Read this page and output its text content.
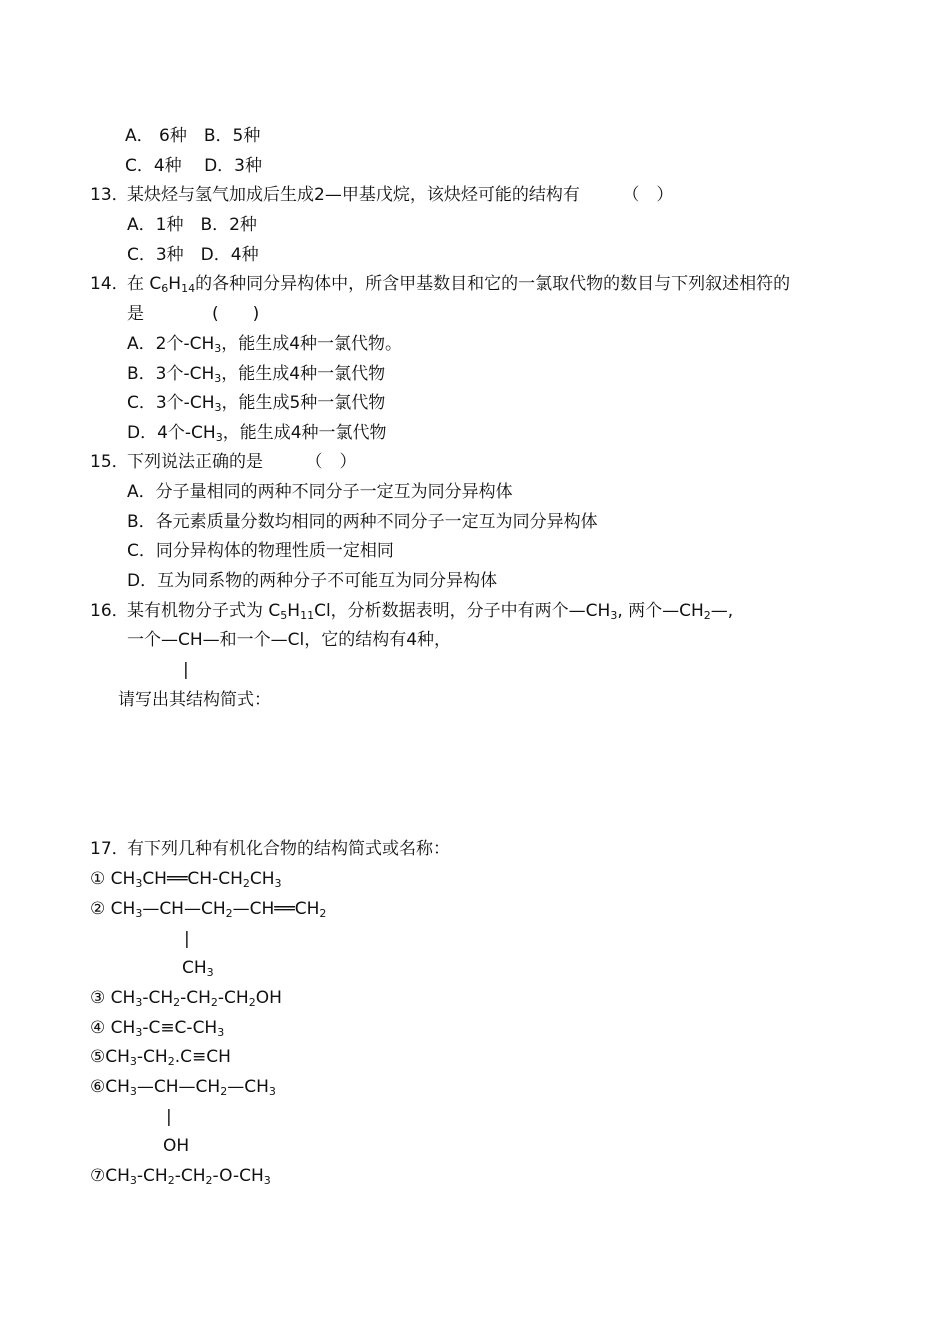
A． 6种　B．5种
C．4种　 D．3种
13．
某炔烃与氢气加成后生成2—甲基戊烷，该炔烃可能的结构有　　　（　）
A．1种　B．2种
C．3种　D．4种
14．
在 $C_6H_{14}$的各种同分异构体中，所含甲基数目和它的一氯取代物的数目与下列叙述相符的
是　　　　(　　)
A．2个$-CH_3$，能生成4种一氯代物。
B．3个$-CH_3$，能生成4种一氯代物
C．3个$-CH_3$，能生成5种一氯代物
D．4个$-CH_3$，能生成4种一氯代物
15．
下列说法正确的是　　　（　）
A．分子量相同的两种不同分子一定互为同分异构体
B．各元素质量分数均相同的两种不同分子一定互为同分异构体
C．同分异构体的物理性质一定相同
D．互为同系物的两种分子不可能互为同分异构体
16．
某有机物分子式为 $C_5H_{11}Cl$，分析数据表明，分子中有两个$—CH_3$, 两个$—CH_2—$,
一个—CH—和一个—Cl，它的结构有4种，
|
请写出其结构简式：
17．
有下列几种有机化合物的结构简式或名称：
① $CH_3CH══CH-CH_2CH_3$
② $CH_3—CH—CH_2—CH══CH_2$
|
$CH_3$
③ $CH_3-CH_2-CH_2-CH_2OH$
④ $CH_3-C\equiv C-CH_3$
$⑤CH_3-CH_2.C\equiv CH$
$⑥CH_3—CH—CH_2—CH_3$
|
OH
$⑦CH_3-CH_2-CH_2-O-CH_3$
